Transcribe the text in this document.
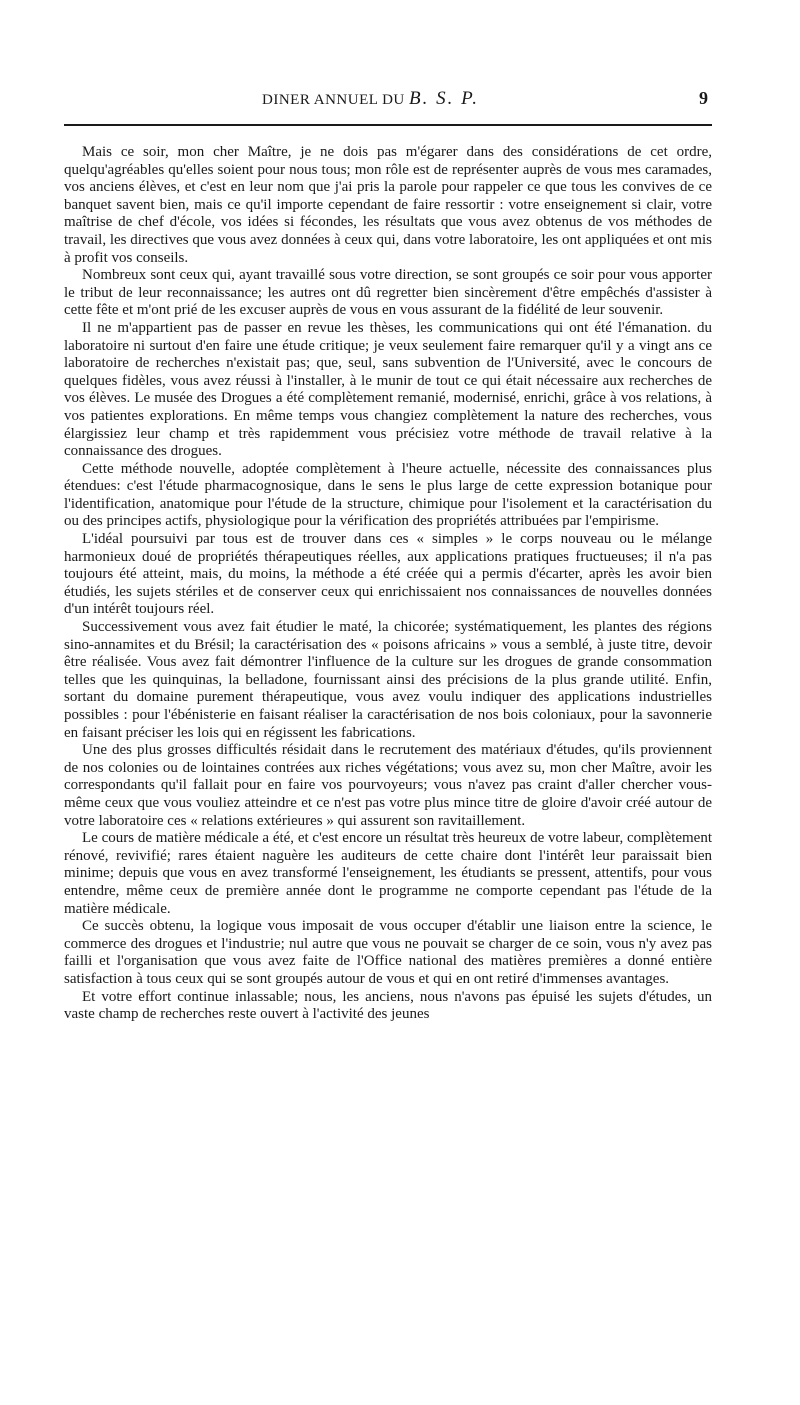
DINER ANNUEL DU B. S. P.	9

Mais ce soir, mon cher Maître, je ne dois pas m'égarer dans des considérations de cet ordre, quelqu'agréables qu'elles soient pour nous tous; mon rôle est de représenter auprès de vous mes caramades, vos anciens élèves, et c'est en leur nom que j'ai pris la parole pour rappeler ce que tous les convives de ce banquet savent bien, mais ce qu'il importe cependant de faire ressortir : votre enseignement si clair, votre maîtrise de chef d'école, vos idées si fécondes, les résultats que vous avez obtenus de vos méthodes de travail, les directives que vous avez données à ceux qui, dans votre laboratoire, les ont appliquées et ont mis à profit vos conseils.

Nombreux sont ceux qui, ayant travaillé sous votre direction, se sont groupés ce soir pour vous apporter le tribut de leur reconnaissance; les autres ont dû regretter bien sincèrement d'être empêchés d'assister à cette fête et m'ont prié de les excuser auprès de vous en vous assurant de la fidélité de leur souvenir.

Il ne m'appartient pas de passer en revue les thèses, les communications qui ont été l'émanation. du laboratoire ni surtout d'en faire une étude critique; je veux seulement faire remarquer qu'il y a vingt ans ce laboratoire de recherches n'existait pas; que, seul, sans subvention de l'Université, avec le concours de quelques fidèles, vous avez réussi à l'installer, à le munir de tout ce qui était nécessaire aux recherches de vos élèves. Le musée des Drogues a été complètement remanié, modernisé, enrichi, grâce à vos relations, à vos patientes explorations. En même temps vous changiez complètement la nature des recherches, vous élargissiez leur champ et très rapidemment vous précisiez votre méthode de travail relative à la connaissance des drogues.

Cette méthode nouvelle, adoptée complètement à l'heure actuelle, nécessite des connaissances plus étendues: c'est l'étude pharmacognosique, dans le sens le plus large de cette expression botanique pour l'identification, anatomique pour l'étude de la structure, chimique pour l'isolement et la caractérisation du ou des principes actifs, physiologique pour la vérification des propriétés attribuées par l'empirisme.

L'idéal poursuivi par tous est de trouver dans ces « simples » le corps nouveau ou le mélange harmonieux doué de propriétés thérapeutiques réelles, aux applications pratiques fructueuses; il n'a pas toujours été atteint, mais, du moins, la méthode a été créée qui a permis d'écarter, après les avoir bien étudiés, les sujets stériles et de conserver ceux qui enrichissaient nos connaissances de nouvelles données d'un intérêt toujours réel.

Successivement vous avez fait étudier le maté, la chicorée; systématiquement, les plantes des régions sino-annamites et du Brésil; la caractérisation des « poisons africains » vous a semblé, à juste titre, devoir être réalisée. Vous avez fait démontrer l'influence de la culture sur les drogues de grande consommation telles que les quinquinas, la belladone, fournissant ainsi des précisions de la plus grande utilité. Enfin, sortant du domaine purement thérapeutique, vous avez voulu indiquer des applications industrielles possibles : pour l'ébénisterie en faisant réaliser la caractérisation de nos bois coloniaux, pour la savonnerie en faisant préciser les lois qui en régissent les fabrications.

Une des plus grosses difficultés résidait dans le recrutement des matériaux d'études, qu'ils proviennent de nos colonies ou de lointaines contrées aux riches végétations; vous avez su, mon cher Maître, avoir les correspondants qu'il fallait pour en faire vos pourvoyeurs; vous n'avez pas craint d'aller chercher vous-même ceux que vous vouliez atteindre et ce n'est pas votre plus mince titre de gloire d'avoir créé autour de votre laboratoire ces « relations extérieures » qui assurent son ravitaillement.

Le cours de matière médicale a été, et c'est encore un résultat très heureux de votre labeur, complètement rénové, revivifié; rares étaient naguère les auditeurs de cette chaire dont l'intérêt leur paraissait bien minime; depuis que vous en avez transformé l'enseignement, les étudiants se pressent, attentifs, pour vous entendre, même ceux de première année dont le programme ne comporte cependant pas l'étude de la matière médicale.

Ce succès obtenu, la logique vous imposait de vous occuper d'établir une liaison entre la science, le commerce des drogues et l'industrie; nul autre que vous ne pouvait se charger de ce soin, vous n'y avez pas failli et l'organisation que vous avez faite de l'Office national des matières premières a donné entière satisfaction à tous ceux qui se sont groupés autour de vous et qui en ont retiré d'immenses avantages.

Et votre effort continue inlassable; nous, les anciens, nous n'avons pas épuisé les sujets d'études, un vaste champ de recherches reste ouvert à l'activité des jeunes
